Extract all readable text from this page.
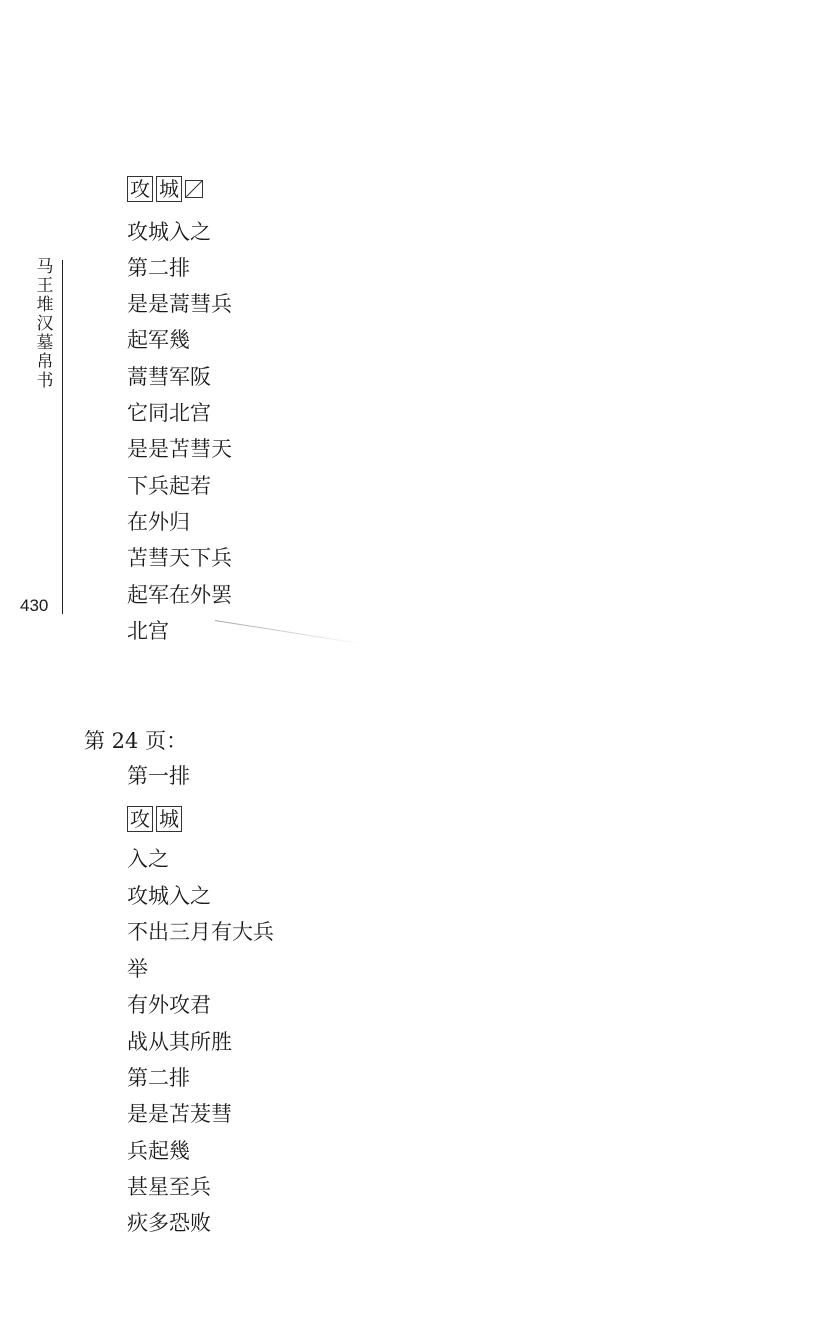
马王堆汉墓帛书
430
攻 城
攻城入之
第二排
是是蒿彗兵
起军幾
蒿彗军阪
它同北宫
是是苫彗天
下兵起若
在外归
苫彗天下兵
起军在外罢
北宫
第 24 页：
第一排
攻 城
入之
攻城入之
不出三月有大兵
举
有外攻君
战从其所胜
第二排
是是苫茇彗
兵起幾
甚星至兵
疢多恐败
